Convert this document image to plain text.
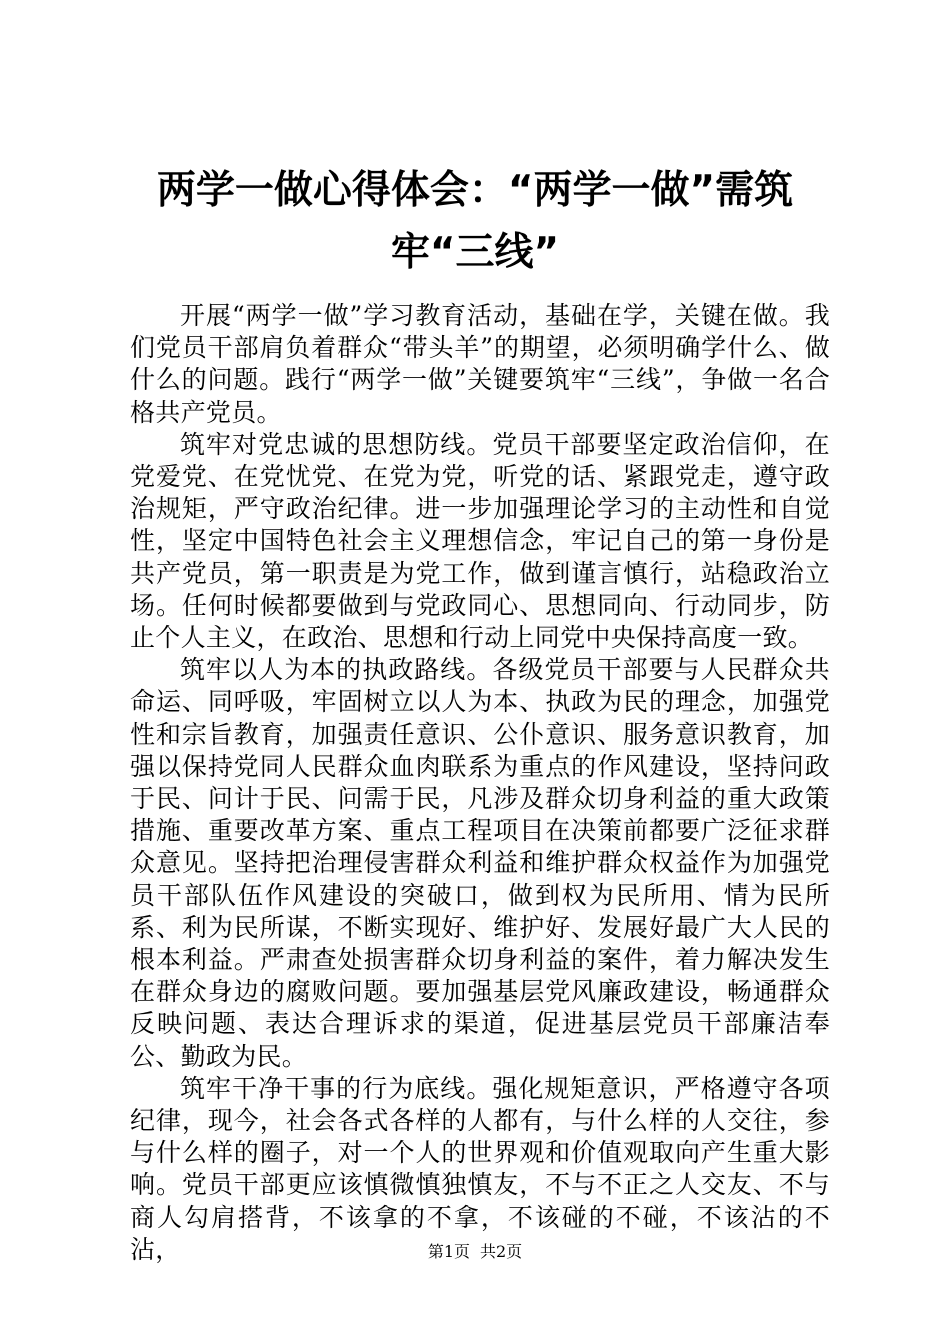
两学一做心得体会：“两学一做”需筑牢“三线”

开展“两学一做”学习教育活动，基础在学，关键在做。我们党员干部肩负着群众“带头羊”的期望，必须明确学什么、做什么的问题。践行“两学一做”关键要筑牢“三线”，争做一名合格共产党员。

筑牢对党忠诚的思想防线。党员干部要坚定政治信仰，在党爱党、在党忧党、在党为党，听党的话、紧跟党走，遵守政治规矩，严守政治纪律。进一步加强理论学习的主动性和自觉性，坚定中国特色社会主义理想信念，牢记自己的第一身份是共产党员，第一职责是为党工作，做到谨言慎行，站稳政治立场。任何时候都要做到与党政同心、思想同向、行动同步，防止个人主义，在政治、思想和行动上同党中央保持高度一致。

筑牢以人为本的执政路线。各级党员干部要与人民群众共命运、同呼吸，牢固树立以人为本、执政为民的理念，加强党性和宗旨教育，加强责任意识、公仆意识、服务意识教育，加强以保持党同人民群众血肉联系为重点的作风建设，坚持问政于民、问计于民、问需于民，凡涉及群众切身利益的重大政策措施、重要改革方案、重点工程项目在决策前都要广泛征求群众意见。坚持把治理侵害群众利益和维护群众权益作为加强党员干部队伍作风建设的突破口，做到权为民所用、情为民所系、利为民所谋，不断实现好、维护好、发展好最广大人民的根本利益。严肃查处损害群众切身利益的案件，着力解决发生在群众身边的腐败问题。要加强基层党风廉政建设，畅通群众反映问题、表达合理诉求的渠道，促进基层党员干部廉洁奉公、勤政为民。

筑牢干净干事的行为底线。强化规矩意识，严格遵守各项纪律，现今，社会各式各样的人都有，与什么样的人交往，参与什么样的圈子，对一个人的世界观和价值观取向产生重大影响。党员干部更应该慎微慎独慎友，不与不正之人交友、不与商人勾肩搭背，不该拿的不拿，不该碰的不碰，不该沾的不沾，	第1页 共2页
